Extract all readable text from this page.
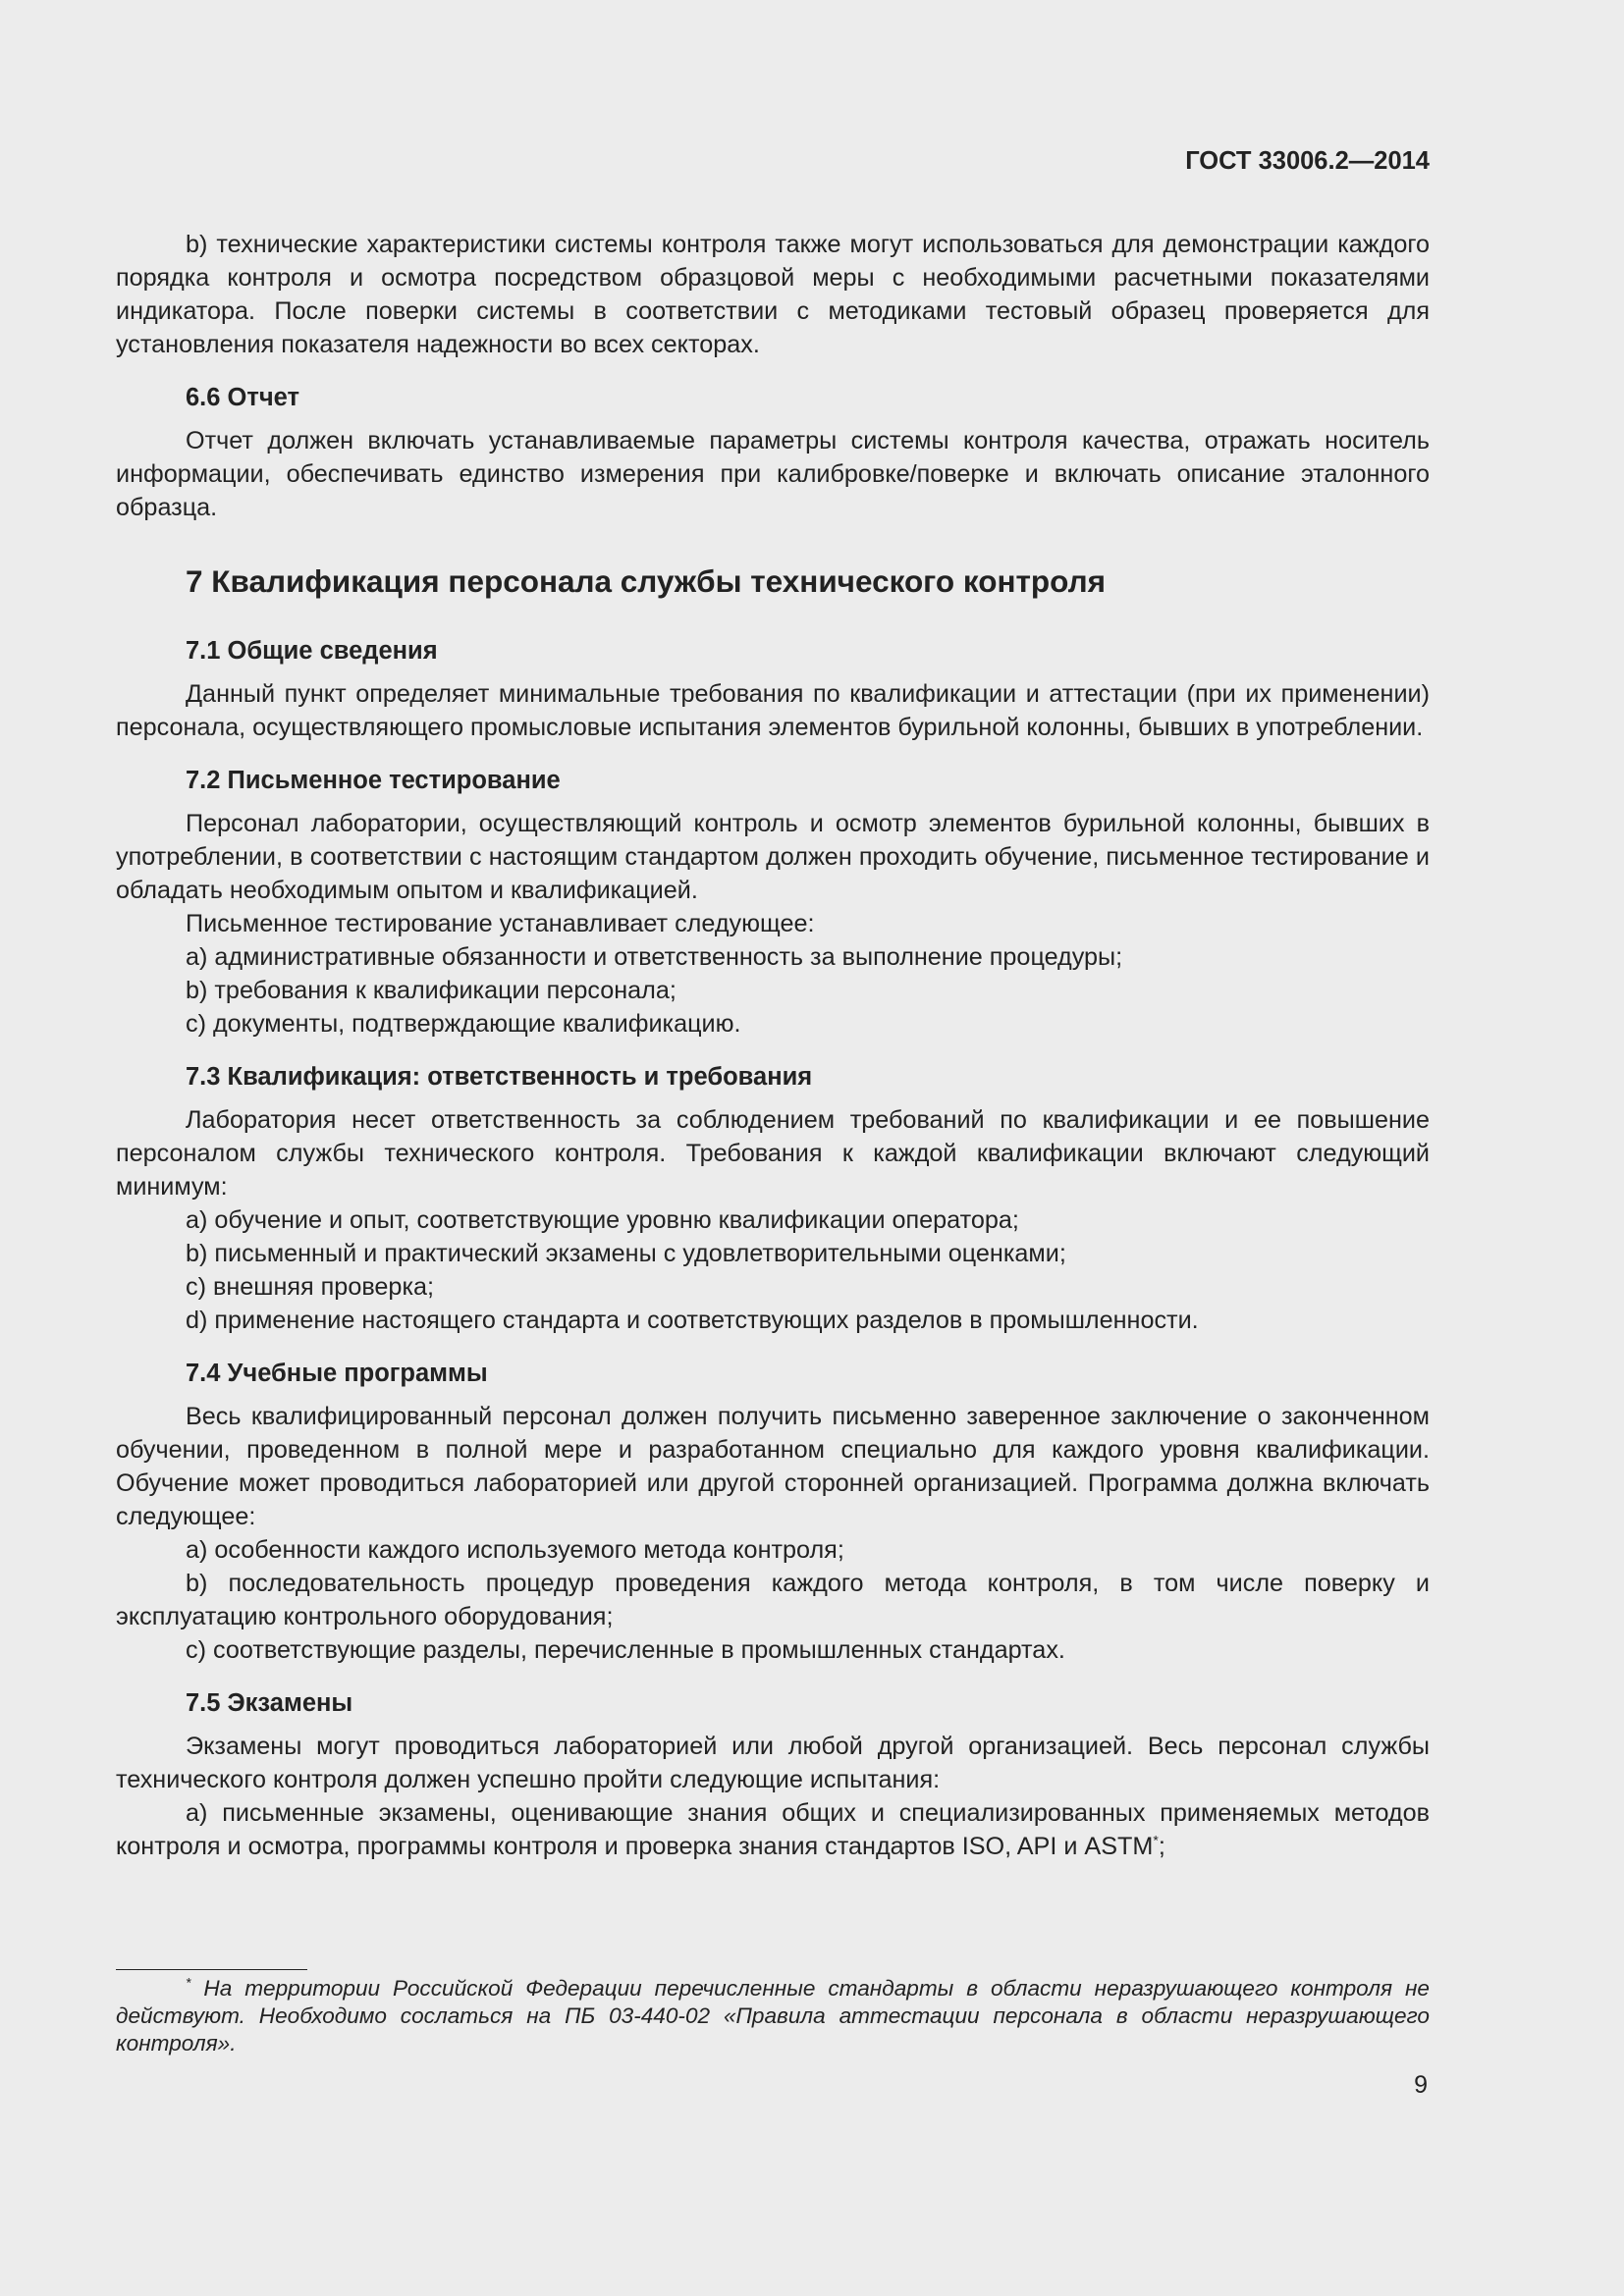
ГОСТ 33006.2—2014

b) технические характеристики системы контроля также могут использоваться для демонстрации каждого порядка контроля и осмотра посредством образцовой меры с необходимыми расчетными показателями индикатора. После поверки системы в соответствии с методиками тестовый образец проверяется для установления показателя надежности во всех секторах.

6.6 Отчет

Отчет должен включать устанавливаемые параметры системы контроля качества, отражать носитель информации, обеспечивать единство измерения при калибровке/поверке и включать описание эталонного образца.

7 Квалификация персонала службы технического контроля
7.1 Общие сведения

Данный пункт определяет минимальные требования по квалификации и аттестации (при их применении) персонала, осуществляющего промысловые испытания элементов бурильной колонны, бывших в употреблении.

7.2 Письменное тестирование

Персонал лаборатории, осуществляющий контроль и осмотр элементов бурильной колонны, бывших в употреблении, в соответствии с настоящим стандартом должен проходить обучение, письменное тестирование и обладать необходимым опытом и квалификацией.

Письменное тестирование устанавливает следующее:

a) административные обязанности и ответственность за выполнение процедуры;

b) требования к квалификации персонала;

c) документы, подтверждающие квалификацию.

7.3 Квалификация: ответственность и требования

Лаборатория несет ответственность за соблюдением требований по квалификации и ее повышение персоналом службы технического контроля. Требования к каждой квалификации включают следующий минимум:

a) обучение и опыт, соответствующие уровню квалификации оператора;

b) письменный и практический экзамены с удовлетворительными оценками;

c) внешняя проверка;

d) применение настоящего стандарта и соответствующих разделов в промышленности.

7.4 Учебные программы

Весь квалифицированный персонал должен получить письменно заверенное заключение о законченном обучении, проведенном в полной мере и разработанном специально для каждого уровня квалификации. Обучение может проводиться лабораторией или другой сторонней организацией. Программа должна включать следующее:

a) особенности каждого используемого метода контроля;

b) последовательность процедур проведения каждого метода контроля, в том числе поверку и эксплуатацию контрольного оборудования;

c) соответствующие разделы, перечисленные в промышленных стандартах.

7.5 Экзамены

Экзамены могут проводиться лабораторией или любой другой организацией. Весь персонал службы технического контроля должен успешно пройти следующие испытания:

a) письменные экзамены, оценивающие знания общих и специализированных применяемых методов контроля и осмотра, программы контроля и проверка знания стандартов ISO, API и ASTM*;

* На территории Российской Федерации перечисленные стандарты в области неразрушающего контроля не действуют. Необходимо сослаться на ПБ 03-440-02 «Правила аттестации персонала в области неразрушающего контроля».
9
